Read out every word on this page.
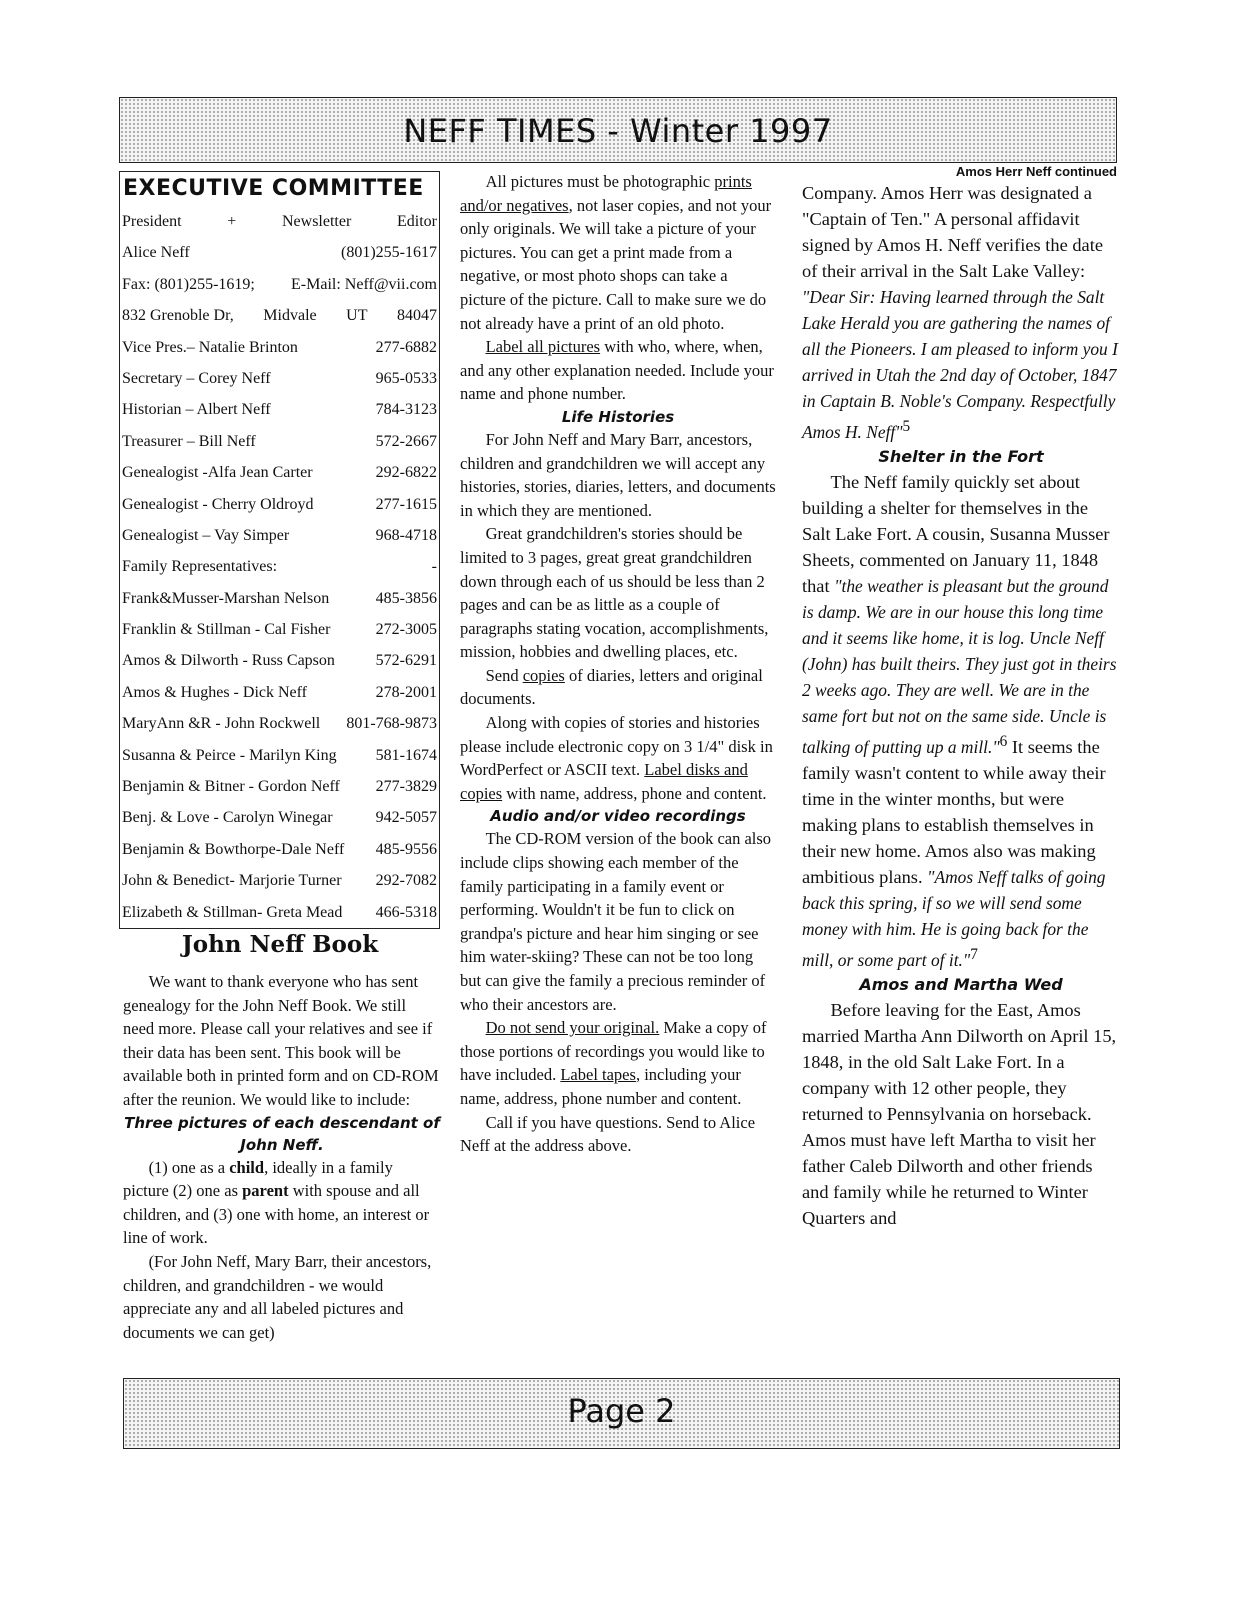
NEFF TIMES - Winter 1997
EXECUTIVE COMMITTEE
President	+	Newsletter	Editor
Alice Neff	(801)255-1617
Fax: (801)255-1619; E-Mail: Neff@vii.com
832 Grenoble Dr, Midvale UT 84047
Vice Pres.– Natalie Brinton	277-6882
Secretary – Corey Neff	965-0533
Historian – Albert Neff	784-3123
Treasurer – Bill Neff	572-2667
Genealogist -Alfa Jean Carter	292-6822
Genealogist - Cherry Oldroyd	277-1615
Genealogist – Vay Simper	968-4718
Family Representatives:	-
Frank&Musser-Marshan Nelson	485-3856
Franklin & Stillman - Cal Fisher	272-3005
Amos & Dilworth - Russ Capson	572-6291
Amos & Hughes - Dick Neff	278-2001
MaryAnn &R - John Rockwell 801-768-9873
Susanna & Peirce - Marilyn King 581-1674
Benjamin & Bitner - Gordon Neff 277-3829
Benj. & Love - Carolyn Winegar	942-5057
Benjamin & Bowthorpe-Dale Neff 485-9556
John & Benedict- Marjorie Turner 292-7082
Elizabeth & Stillman- Greta Mead 466-5318
John Neff Book

We want to thank everyone who has sent genealogy for the John Neff Book. We still need more. Please call your relatives and see if their data has been sent. This book will be available both in printed form and on CD-ROM after the reunion. We would like to include:

Three pictures of each descendant of John Neff.

(1) one as a child, ideally in a family picture (2) one as parent with spouse and all children, and (3) one with home, an interest or line of work.

(For John Neff, Mary Barr, their ancestors, children, and grandchildren - we would appreciate any and all labeled pictures and documents we can get)

All pictures must be photographic prints and/or negatives, not laser copies, and not your only originals. We will take a picture of your pictures. You can get a print made from a negative, or most photo shops can take a picture of the picture. Call to make sure we do not already have a print of an old photo.

Label all pictures with who, where, when, and any other explanation needed. Include your name and phone number.

Life Histories

For John Neff and Mary Barr, ancestors, children and grandchildren we will accept any histories, stories, diaries, letters, and documents in which they are mentioned.

Great grandchildren's stories should be limited to 3 pages, great great grandchildren down through each of us should be less than 2 pages and can be as little as a couple of paragraphs stating vocation, accomplishments, mission, hobbies and dwelling places, etc.

Send copies of diaries, letters and original documents.

Along with copies of stories and histories please include electronic copy on 3 1/4" disk in WordPerfect or ASCII text. Label disks and copies with name, address, phone and content.

Audio and/or video recordings

The CD-ROM version of the book can also include clips showing each member of the family participating in a family event or performing. Wouldn't it be fun to click on grandpa's picture and hear him singing or see him water-skiing? These can not be too long but can give the family a precious reminder of who their ancestors are.

Do not send your original. Make a copy of those portions of recordings you would like to have included. Label tapes, including your name, address, phone number and content.

Call if you have questions. Send to Alice Neff at the address above.

Amos Herr Neff continued

Company. Amos Herr was designated a "Captain of Ten." A personal affidavit signed by Amos H. Neff verifies the date of their arrival in the Salt Lake Valley: "Dear Sir: Having learned through the Salt Lake Herald you are gathering the names of all the Pioneers. I am pleased to inform you I arrived in Utah the 2nd day of October, 1847 in Captain B. Noble's Company. Respectfully Amos H. Neff"$^5$

Shelter in the Fort

The Neff family quickly set about building a shelter for themselves in the Salt Lake Fort. A cousin, Susanna Musser Sheets, commented on January 11, 1848 that "the weather is pleasant but the ground is damp. We are in our house this long time and it seems like home, it is log. Uncle Neff (John) has built theirs. They just got in theirs 2 weeks ago. They are well. We are in the same fort but not on the same side. Uncle is talking of putting up a mill."$^6$ It seems the family wasn't content to while away their time in the winter months, but were making plans to establish themselves in their new home. Amos also was making ambitious plans. "Amos Neff talks of going back this spring, if so we will send some money with him. He is going back for the mill, or some part of it."$^7$

Amos and Martha Wed

Before leaving for the East, Amos married Martha Ann Dilworth on April 15, 1848, in the old Salt Lake Fort. In a company with 12 other people, they returned to Pennsylvania on horseback. Amos must have left Martha to visit her father Caleb Dilworth and other friends and family while he returned to Winter Quarters and

Page 2
